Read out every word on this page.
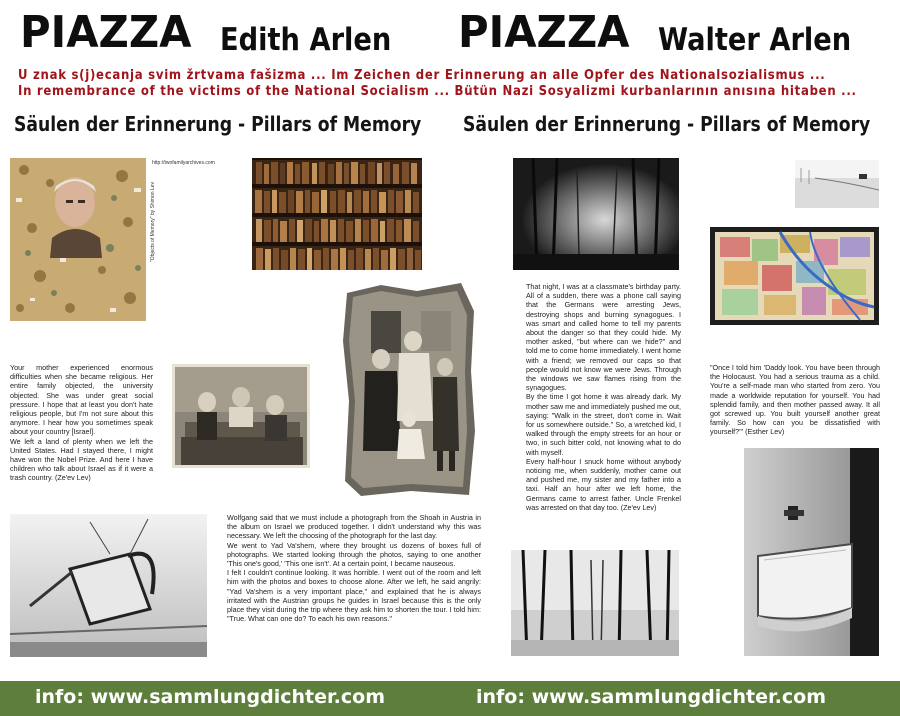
PIAZZA Edith Arlen PIAZZA Walter Arlen
U znak s(j)ecanja svim žrtvama fašizma ... Im Zeichen der Erinnerung an alle Opfer des Nationalsozialismus ...
In remembrance of the victims of the National Socialism ... Bütün Nazi Sosyalizmi kurbanlarının anısına hitaben ...
Säulen der Erinnerung - Pillars of Memory Säulen der Erinnerung - Pillars of Memory
http://twofamilyarchives.com
"Objects of Memory" by Shimon Lev

Your mother experienced enormous difficulties when she became religious. Her entire family objected, the university objected. She was under great social pressure. I hope that at least you don't hate religious people, but I'm not sure about this anymore. I hear how you sometimes speak about your country [Israel].

We left a land of plenty when we left the United States. Had I stayed there, I might have won the Nobel Prize. And here I have children who talk about Israel as if it were a trash country. (Ze'ev Lev)

Wolfgang said that we must include a photograph from the Shoah in Austria in the album on Israel we produced together. I didn't understand why this was necessary. We left the choosing of the photograph for the last day.

We went to Yad Va'shem, where they brought us dozens of boxes full of photographs. We started looking through the photos, saying to one another 'This one's good,' 'This one isn't'. At a certain point, I became nauseous.

I felt I couldn't continue looking. It was horrible. I went out of the room and left him with the photos and boxes to choose alone. After we left, he said angrily: "Yad Va'shem is a very important place," and explained that he is always irritated with the Austrian groups he guides in Israel because this is the only place they visit during the trip where they ask him to shorten the tour. I told him: "True. What can one do? To each his own reasons."

That night, I was at a classmate's birthday party. All of a sudden, there was a phone call saying that the Germans were arresting Jews, destroying shops and burning synagogues. I was smart and called home to tell my parents about the danger so that they could hide. My mother asked, "but where can we hide?" and told me to come home immediately. I went home with a friend; we removed our caps so that people would not know we were Jews. Through the windows we saw flames rising from the synagogues.

By the time I got home it was already dark. My mother saw me and immediately pushed me out, saying: "Walk in the street, don't come in. Wait for us somewhere outside." So, a wretched kid, I walked through the empty streets for an hour or two, in such bitter cold, not knowing what to do with myself.

Every half-hour I snuck home without anybody noticing me, when suddenly, mother came out and pushed me, my sister and my father into a taxi. Half an hour after we left home, the Germans came to arrest father. Uncle Frenkel was arrested on that day too. (Ze'ev Lev)

"Once I told him 'Daddy look. You have been through the Holocaust. You had a serious trauma as a child. You're a self-made man who started from zero. You made a worldwide reputation for yourself. You had splendid family, and then mother passed away. It all got screwed up. You built yourself another great family. So how can you be dissatisfied with yourself?'" (Esther Lev)

info: www.sammlungdichter.com	info: www.sammlungdichter.com
